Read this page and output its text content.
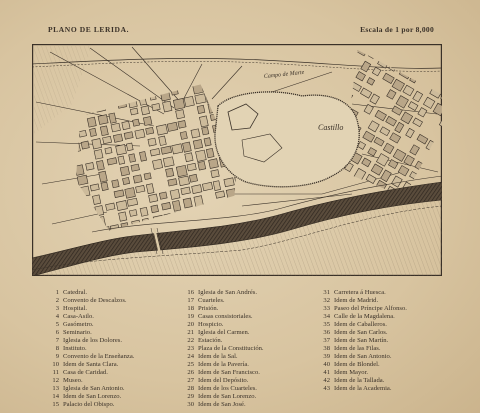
PLANO DE LERIDA.	Escala de 1 por 8,000
Campo de Marte
Castillo
1 Catedral.
2 Convento de Descalzos.
3 Hospital.
4 Casa-Asilo.
5 Gasómetro.
6 Seminario.
7 Iglesia de los Dolores.
8 Instituto.
9 Convento de la Enseñanza.
10 Idem de Santa Clara.
11 Casa de Caridad.
12 Museo.
13 Iglesia de San Antonio.
14 Idem de San Lorenzo.
15 Palacio del Obispo.
16 Iglesia de San Andrés.
17 Cuarteles.
18 Prisión.
19 Casas consistoriales.
20 Hospicio.
21 Iglesia del Carmen.
22 Estación.
23 Plaza de la Constitución.
24 Idem de la Sal.
25 Idem de la Pavería.
26 Idem de San Francisco.
27 Idem del Depósito.
28 Idem de los Cuarteles.
29 Idem de San Lorenzo.
30 Idem de San José.
31 Carretera á Huesca.
32 Idem de Madrid.
33 Paseo del Príncipe Alfonso.
34 Calle de la Magdalena.
35 Idem de Caballeros.
36 Idem de San Carlos.
37 Idem de San Martín.
38 Idem de las Filas.
39 Idem de San Antonio.
40 Idem de Blondel.
41 Idem Mayor.
42 Idem de la Tallada.
43 Idem de la Academia.
